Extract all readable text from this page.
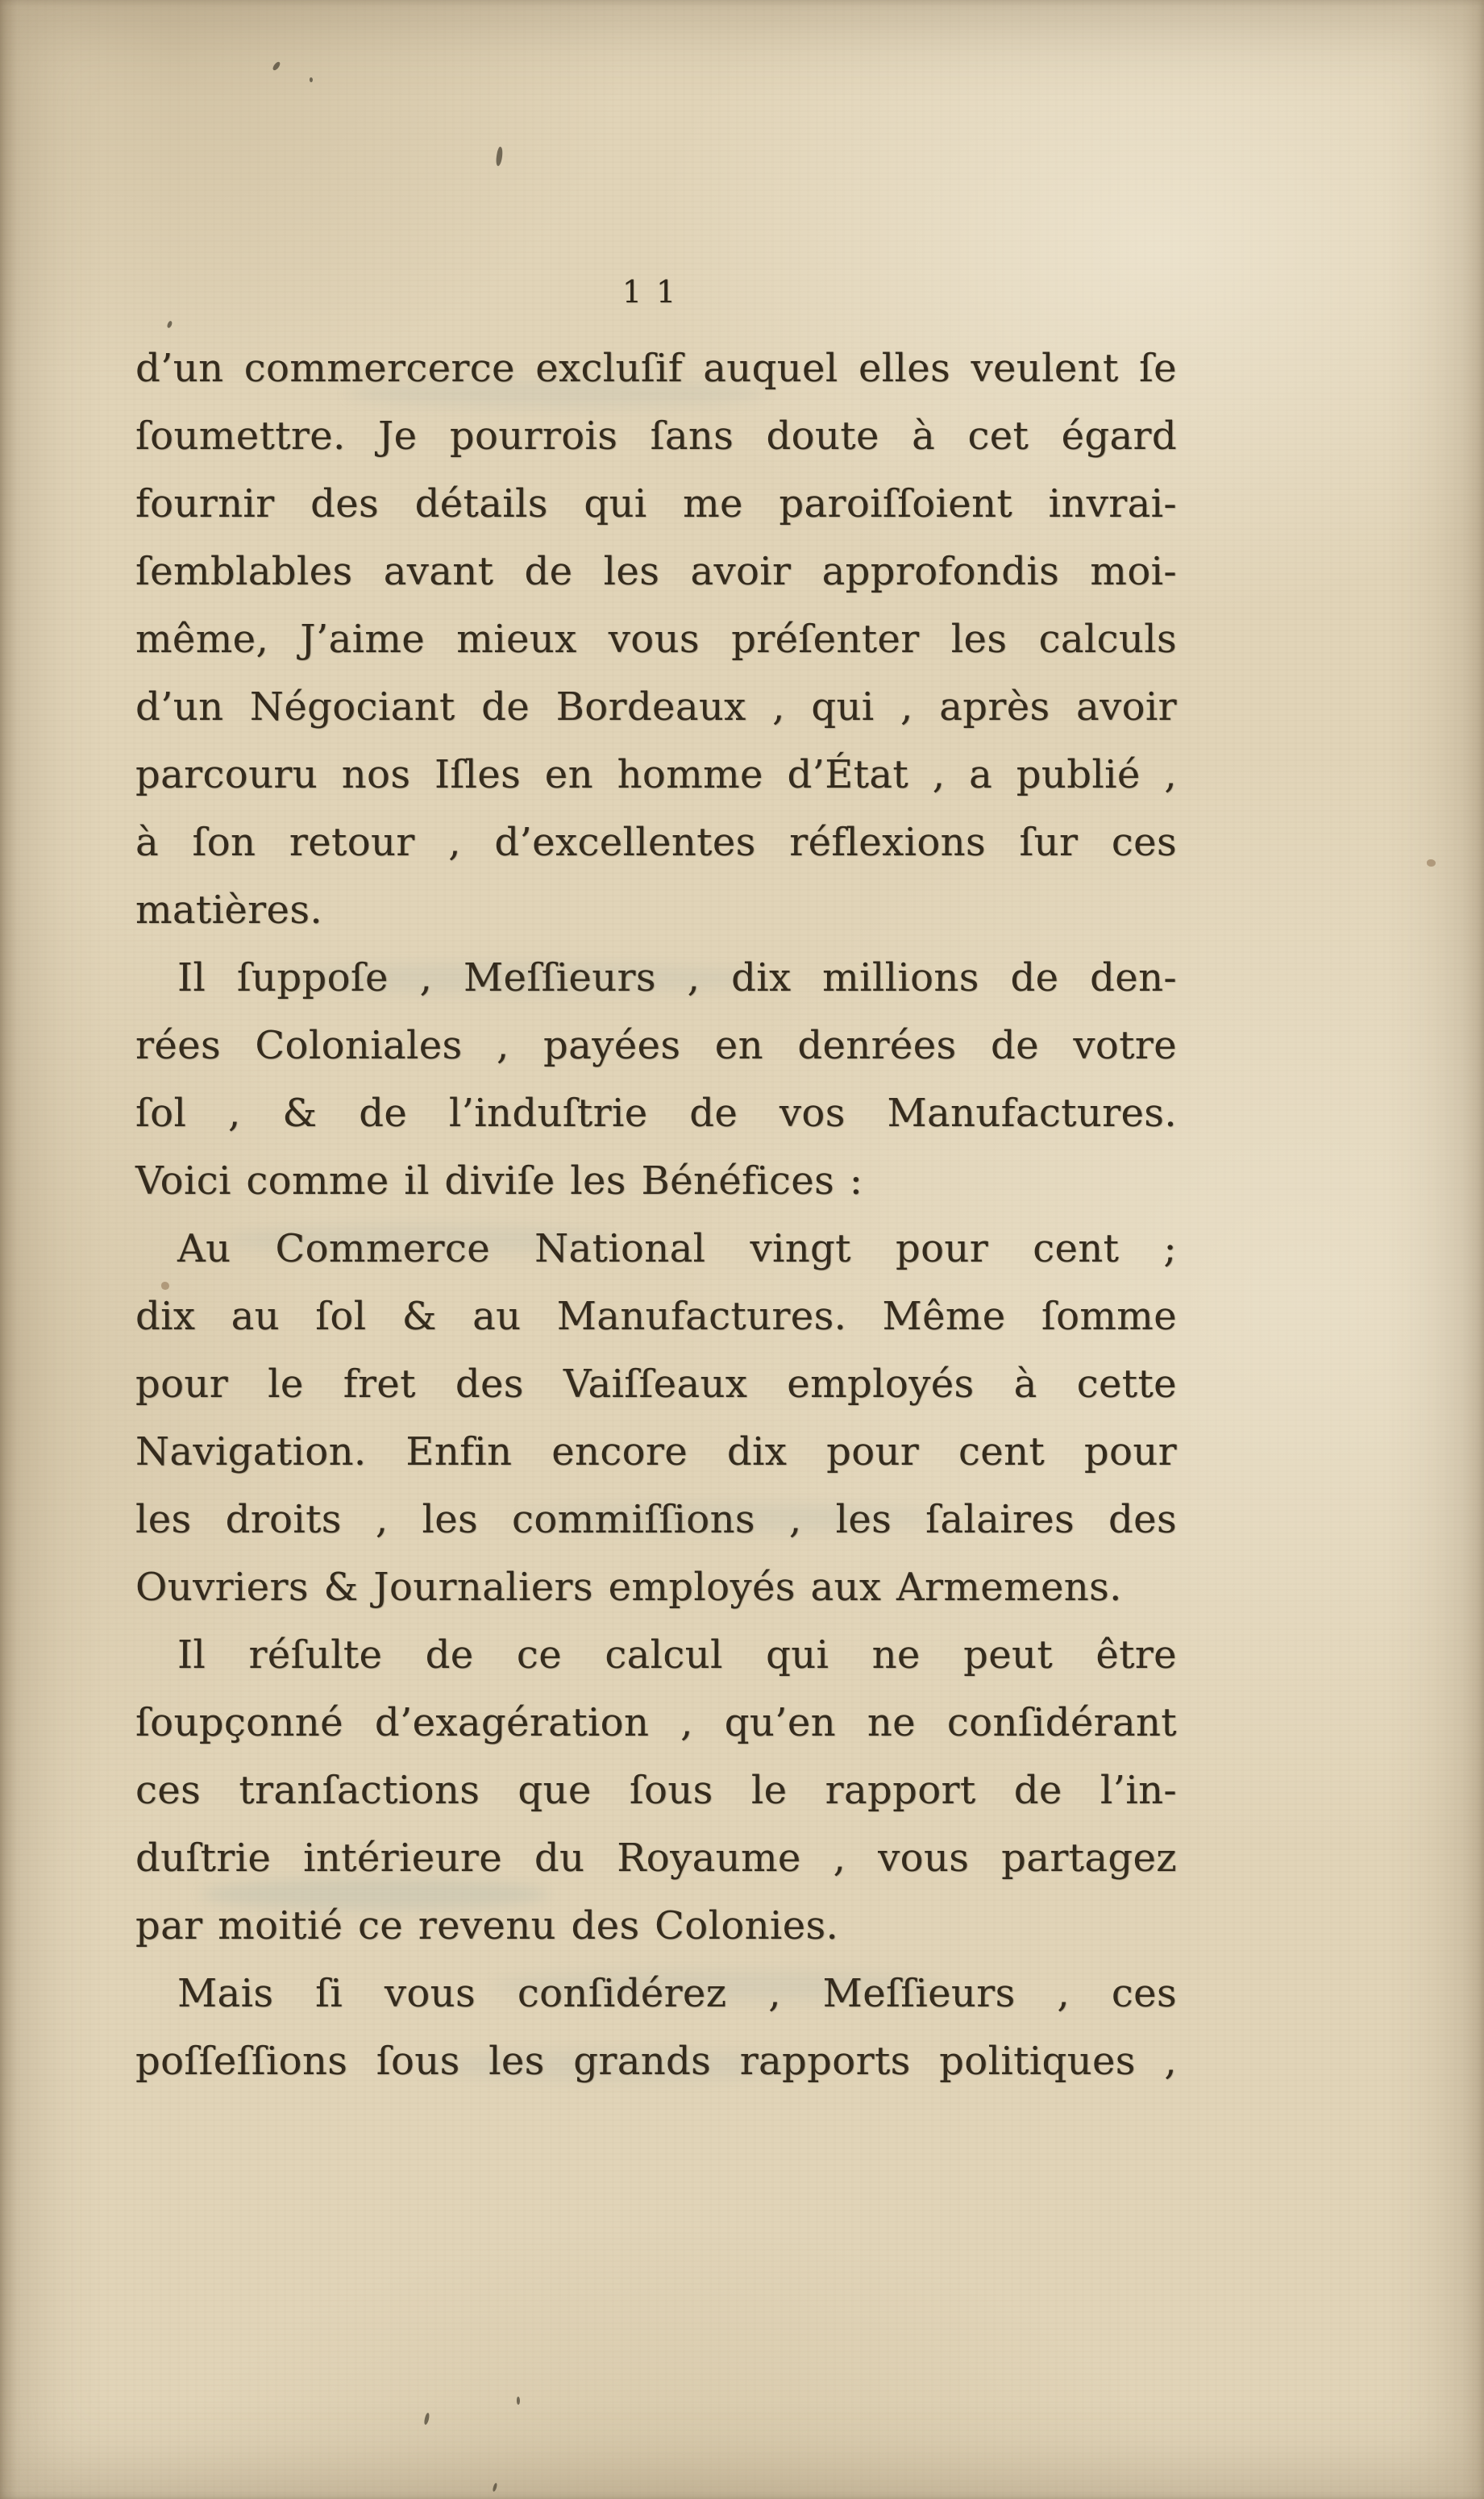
11
d’un commercerce excluſif auquel elles veulent ſe
ſoumettre. Je pourrois ſans doute à cet égard
fournir des détails qui me paroiſſoient invrai-
ſemblables avant de les avoir approfondis moi-
même, J’aime mieux vous préſenter les calculs
d’un Négociant de Bordeaux , qui , après avoir
parcouru nos Iſles en homme d’État , a publié ,
à ſon retour , d’excellentes réflexions ſur ces
matières.
Il ſuppoſe , Meſſieurs , dix millions de den-
rées Coloniales , payées en denrées de votre
ſol , & de l’induſtrie de vos Manufactures.
Voici comme il diviſe les Bénéfices :
Au Commerce National vingt pour cent ;
dix au ſol & au Manufactures. Même ſomme
pour le fret des Vaiſſeaux employés à cette
Navigation. Enfin encore dix pour cent pour
les droits , les commiſſions , les ſalaires des
Ouvriers & Journaliers employés aux Armemens.
Il réſulte de ce calcul qui ne peut être
ſoupçonné d’exagération , qu’en ne conſidérant
ces tranſactions que ſous le rapport de l’in-
duſtrie intérieure du Royaume , vous partagez
par moitié ce revenu des Colonies.
Mais ſi vous conſidérez , Meſſieurs , ces
poſſeſſions ſous les grands rapports politiques ,
